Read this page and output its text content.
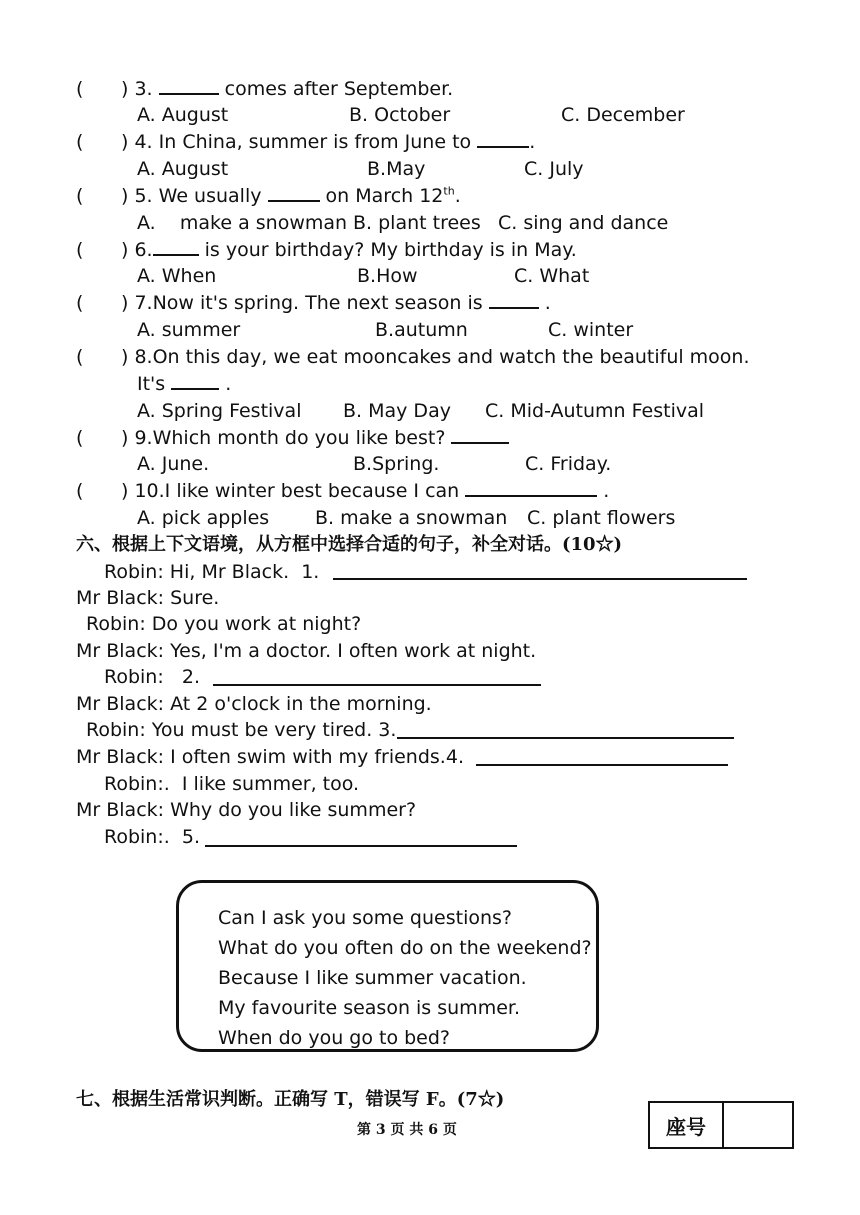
( ) 3.	comes after September.
A. August	B. October	C. December
( ) 4. In China, summer is from June to	.
A. August	B.May	C. July
( ) 5. We usually	on March 12th.
A.    make a snowman B. plant trees C. sing and dance
( ) 6. is your birthday? My birthday is in May.
A. When	B.How	C. What
( ) 7.Now it's spring. The next season is	.
A. summer	B.autumn	C. winter
( ) 8.On this day, we eat mooncakes and watch the beautiful moon.
It's	.
A. Spring Festival B. May Day C. Mid-Autumn Festival
( ) 9.Which month do you like best?
A. June.	B.Spring.	C. Friday.
( ) 10.I like winter best because I can	.
A. pick apples B. make a snowman C. plant flowers
六、根据上下文语境，从方框中选择合适的句子，补全对话。(10☆)
Robin: Hi, Mr Black.  1.
Mr Black: Sure.
Robin: Do you work at night?
Mr Black: Yes, I'm a doctor. I often work at night.
Robin:   2.
Mr Black: At 2 o'clock in the morning.
Robin: You must be very tired. 3.
Mr Black: I often swim with my friends.4.
Robin:.  I like summer, too.
Mr Black: Why do you like summer?
Robin:.  5.
Can I ask you some questions?
What do you often do on the weekend?
Because I like summer vacation.
My favourite season is summer.
When do you go to bed?
七、根据生活常识判断。正确写 T，错误写 F。(7☆)
第 3 页 共 6 页	座号
